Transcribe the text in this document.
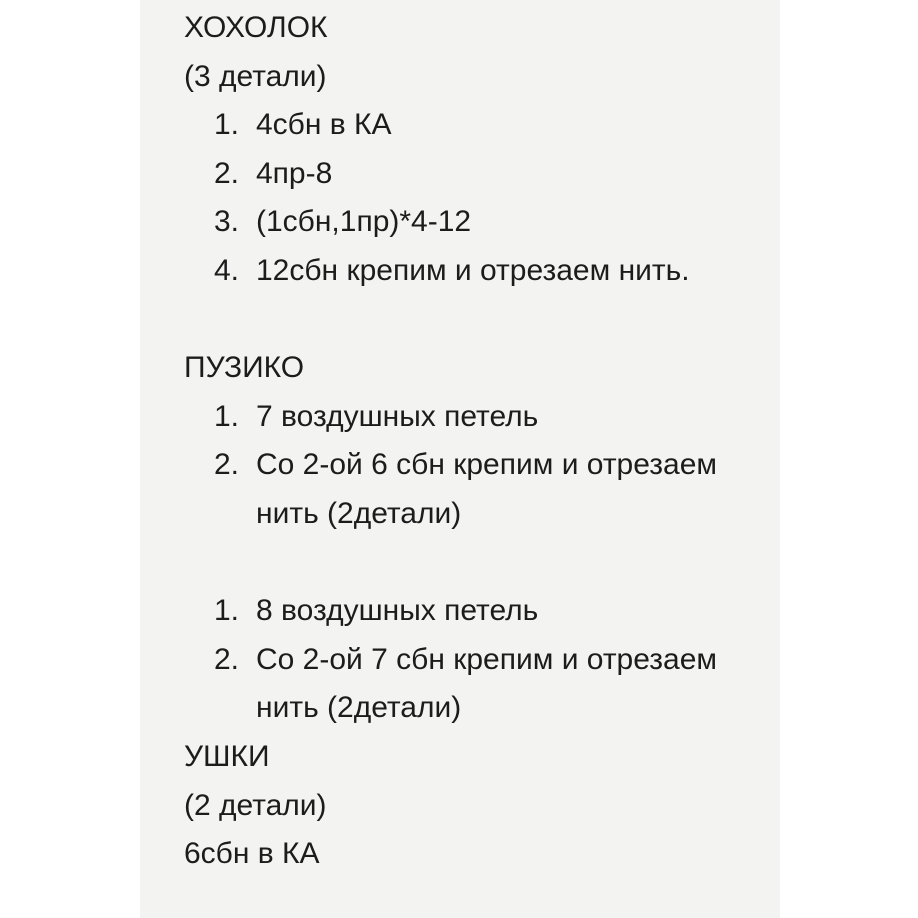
ХОХОЛОК

(3 детали)

1. 4сбн в КА
2. 4пр-8
3. (1сбн,1пр)*4-12
4. 12сбн крепим и отрезаем нить.

ПУЗИКО

1. 7 воздушных петель
2. Со 2-ой 6 сбн крепим и отрезаем нить (2детали)
1. 8 воздушных петель
2. Со 2-ой 7 сбн крепим и отрезаем нить (2детали)

УШКИ

(2 детали)

6сбн в КА
